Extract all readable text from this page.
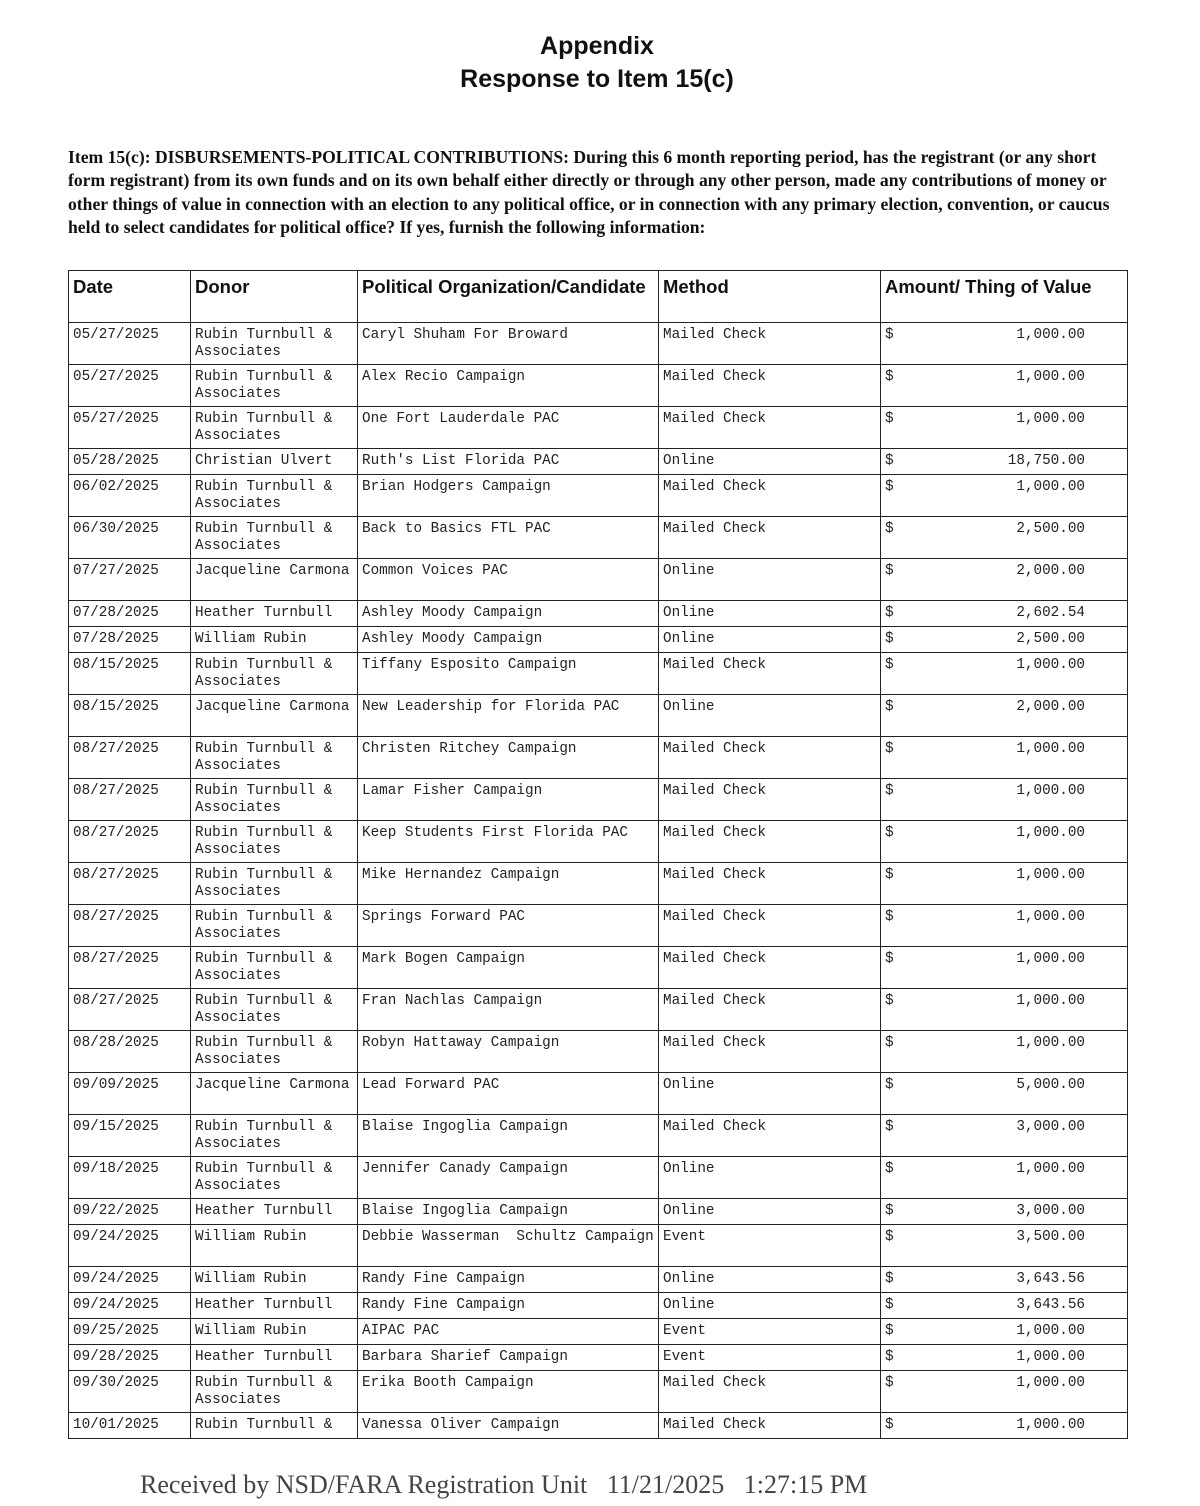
Appendix
Response to Item 15(c)
Item 15(c): DISBURSEMENTS-POLITICAL CONTRIBUTIONS: During this 6 month reporting period, has the registrant (or any short form registrant) from its own funds and on its own behalf either directly or through any other person, made any contributions of money or other things of value in connection with an election to any political office, or in connection with any primary election, convention, or caucus held to select candidates for political office? If yes, furnish the following information:
Date	Donor	Political Organization/Candidate	Method	Amount/ Thing of Value
05/27/2025	Rubin Turnbull & Associates	Caryl Shuham For Broward	Mailed Check	$ 1,000.00

05/27/2025	Rubin Turnbull & Associates	Alex Recio Campaign	Mailed Check	$ 1,000.00

05/27/2025	Rubin Turnbull & Associates	One Fort Lauderdale PAC	Mailed Check	$ 1,000.00

05/28/2025	Christian Ulvert	Ruth's List Florida PAC	Online	$ 18,750.00

06/02/2025	Rubin Turnbull & Associates	Brian Hodgers Campaign	Mailed Check	$ 1,000.00

06/30/2025	Rubin Turnbull & Associates	Back to Basics FTL PAC	Mailed Check	$ 2,500.00

07/27/2025	Jacqueline Carmona	Common Voices PAC	Online	$ 2,000.00

07/28/2025	Heather Turnbull	Ashley Moody Campaign	Online	$ 2,602.54

07/28/2025	William Rubin	Ashley Moody Campaign	Online	$ 2,500.00

08/15/2025	Rubin Turnbull & Associates	Tiffany Esposito Campaign	Mailed Check	$ 1,000.00

08/15/2025	Jacqueline Carmona	New Leadership for Florida PAC	Online	$ 2,000.00

08/27/2025	Rubin Turnbull & Associates	Christen Ritchey Campaign	Mailed Check	$ 1,000.00

08/27/2025	Rubin Turnbull & Associates	Lamar Fisher Campaign	Mailed Check	$ 1,000.00

08/27/2025	Rubin Turnbull & Associates	Keep Students First Florida PAC	Mailed Check	$ 1,000.00

08/27/2025	Rubin Turnbull & Associates	Mike Hernandez Campaign	Mailed Check	$ 1,000.00

08/27/2025	Rubin Turnbull & Associates	Springs Forward PAC	Mailed Check	$ 1,000.00

08/27/2025	Rubin Turnbull & Associates	Mark Bogen Campaign	Mailed Check	$ 1,000.00

08/27/2025	Rubin Turnbull & Associates	Fran Nachlas Campaign	Mailed Check	$ 1,000.00

08/28/2025	Rubin Turnbull & Associates	Robyn Hattaway Campaign	Mailed Check	$ 1,000.00

09/09/2025	Jacqueline Carmona	Lead Forward PAC	Online	$ 5,000.00

09/15/2025	Rubin Turnbull & Associates	Blaise Ingoglia Campaign	Mailed Check	$ 3,000.00

09/18/2025	Rubin Turnbull & Associates	Jennifer Canady Campaign	Online	$ 1,000.00

09/22/2025	Heather Turnbull	Blaise Ingoglia Campaign	Online	$ 3,000.00

09/24/2025	William Rubin	Debbie Wasserman  Schultz Campaign	Event	$ 3,500.00

09/24/2025	William Rubin	Randy Fine Campaign	Online	$ 3,643.56

09/24/2025	Heather Turnbull	Randy Fine Campaign	Online	$ 3,643.56

09/25/2025	William Rubin	AIPAC PAC	Event	$ 1,000.00

09/28/2025	Heather Turnbull	Barbara Sharief Campaign	Event	$ 1,000.00

09/30/2025	Rubin Turnbull & Associates	Erika Booth Campaign	Mailed Check	$ 1,000.00

10/01/2025	Rubin Turnbull &	Vanessa Oliver Campaign	Mailed Check	$ 1,000.00
Received by NSD/FARA Registration Unit   11/21/2025   1:27:15 PM
